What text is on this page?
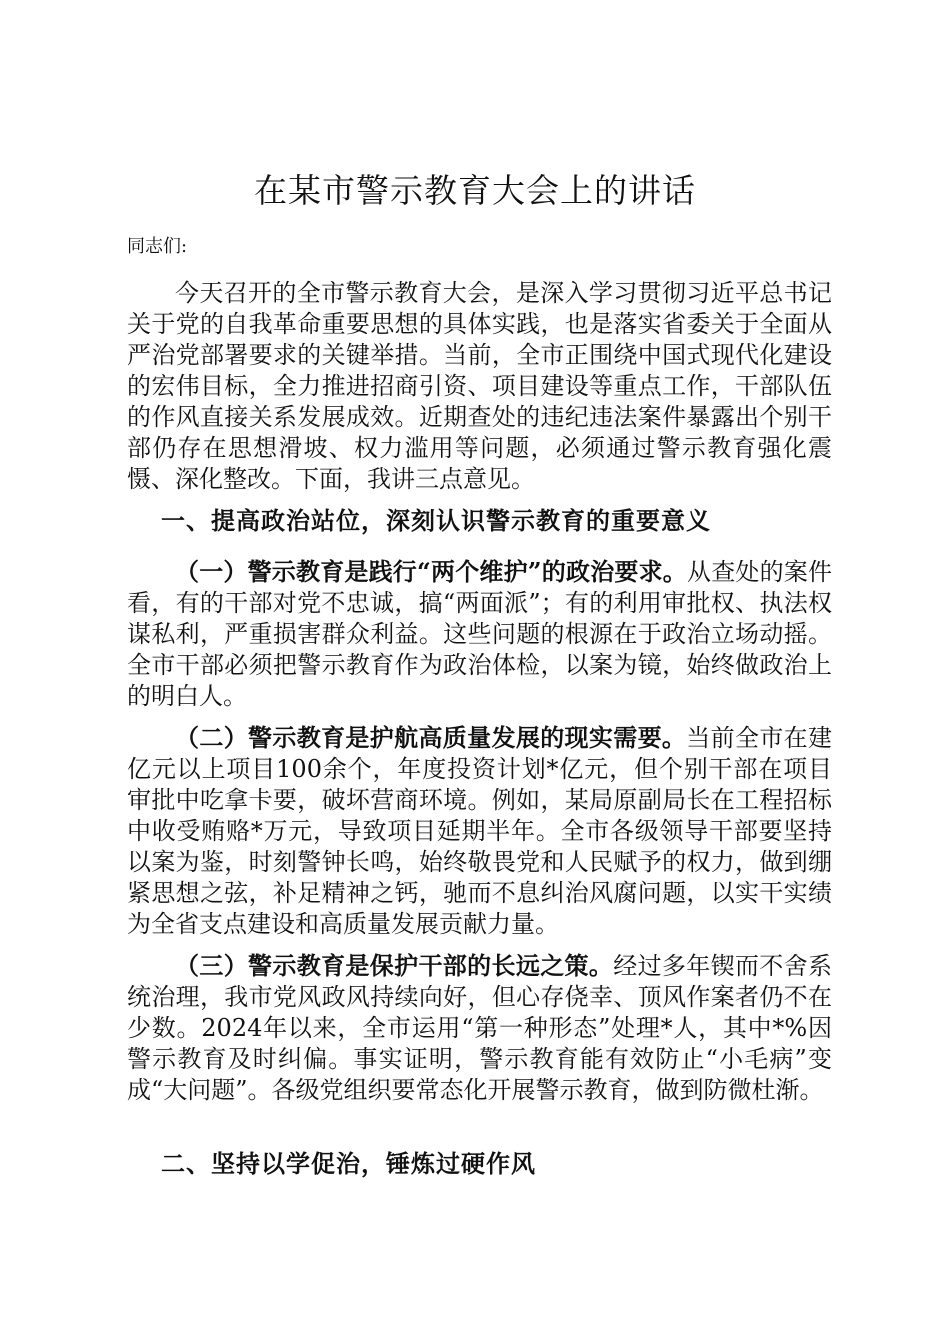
在某市警示教育大会上的讲话

同志们:

今天召开的全市警示教育大会，是深入学习贯彻习近平总书记关于党的自我革命重要思想的具体实践，也是落实省委关于全面从严治党部署要求的关键举措。当前，全市正围绕中国式现代化建设的宏伟目标，全力推进招商引资、项目建设等重点工作，干部队伍的作风直接关系发展成效。近期查处的违纪违法案件暴露出个别干部仍存在思想滑坡、权力滥用等问题，必须通过警示教育强化震慑、深化整改。下面，我讲三点意见。

一、提高政治站位，深刻认识警示教育的重要意义

（一）警示教育是践行“两个维护”的政治要求。从查处的案件看，有的干部对党不忠诚，搞“两面派”；有的利用审批权、执法权谋私利，严重损害群众利益。这些问题的根源在于政治立场动摇。全市干部必须把警示教育作为政治体检，以案为镜，始终做政治上的明白人。

（二）警示教育是护航高质量发展的现实需要。当前全市在建亿元以上项目100余个，年度投资计划*亿元，但个别干部在项目审批中吃拿卡要，破坏营商环境。例如，某局原副局长在工程招标中收受贿赂*万元，导致项目延期半年。全市各级领导干部要坚持以案为鉴，时刻警钟长鸣，始终敬畏党和人民赋予的权力，做到绷紧思想之弦，补足精神之钙，驰而不息纠治风腐问题，以实干实绩为全省支点建设和高质量发展贡献力量。

（三）警示教育是保护干部的长远之策。经过多年锲而不舍系统治理，我市党风政风持续向好，但心存侥幸、顶风作案者仍不在少数。2024年以来，全市运用“第一种形态”处理*人，其中*%因警示教育及时纠偏。事实证明，警示教育能有效防止“小毛病”变成“大问题”。各级党组织要常态化开展警示教育，做到防微杜渐。

二、坚持以学促治，锤炼过硬作风
